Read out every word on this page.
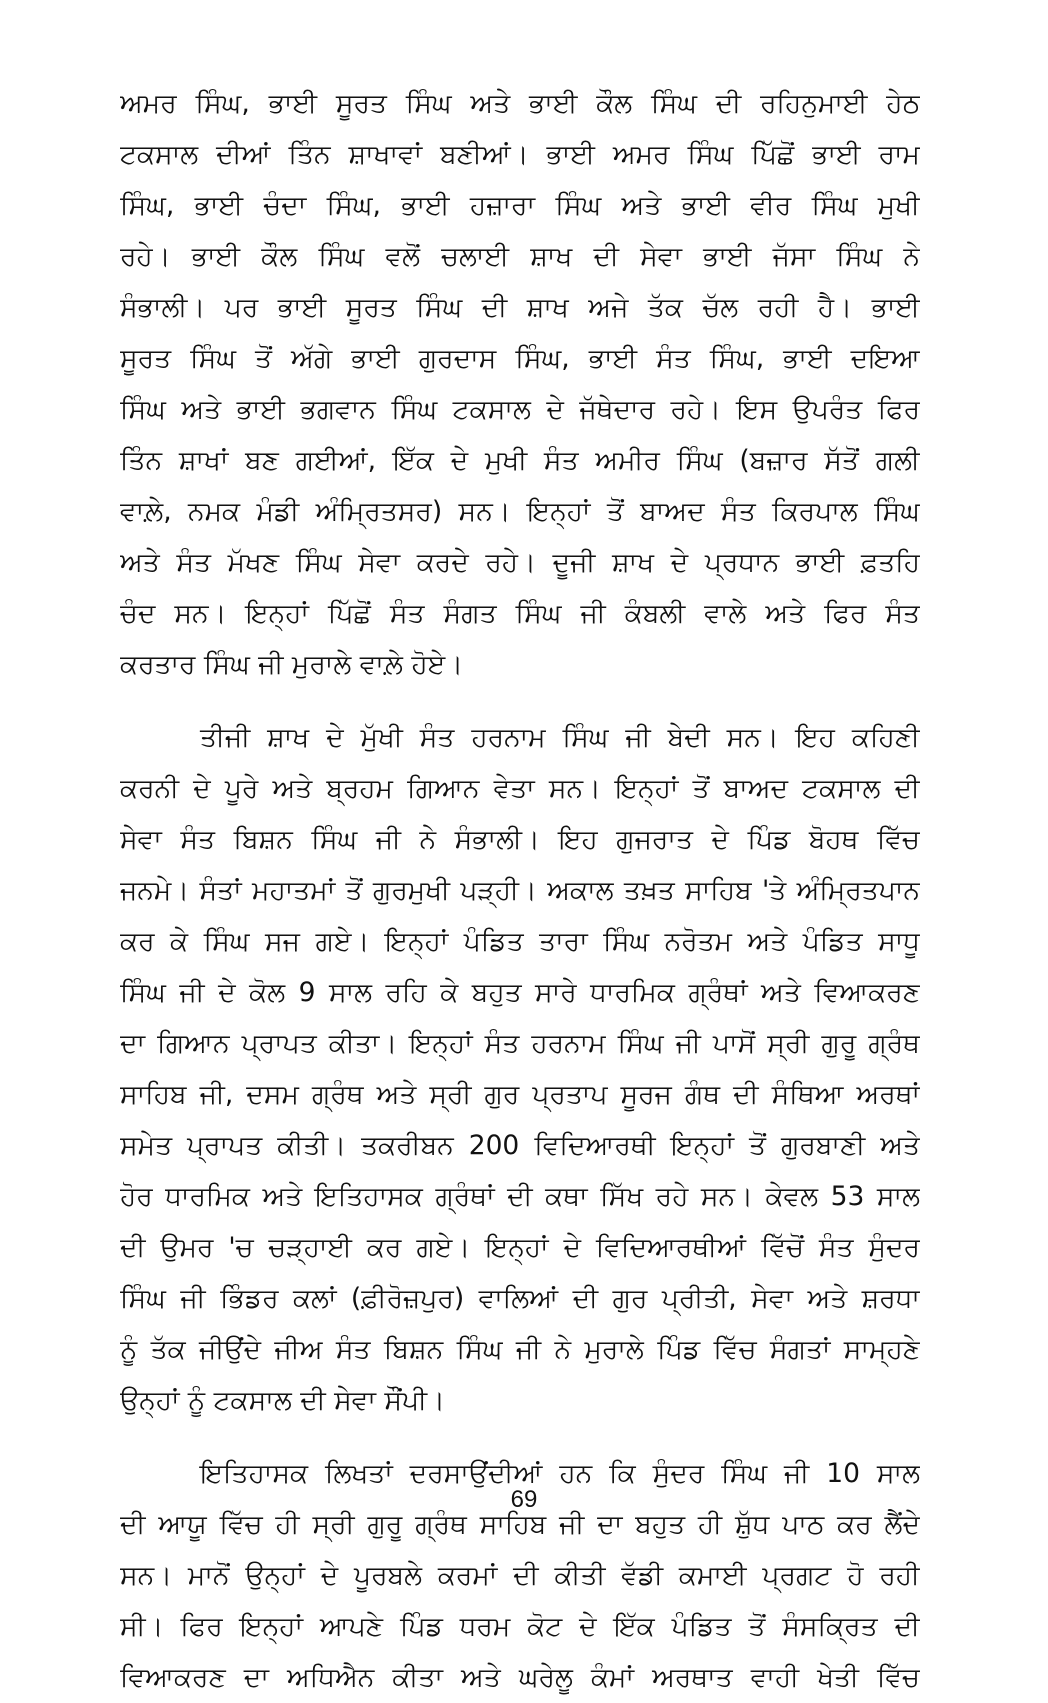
ਅਮਰ ਸਿੰਘ, ਭਾਈ ਸੂਰਤ ਸਿੰਘ ਅਤੇ ਭਾਈ ਕੌਲ ਸਿੰਘ ਦੀ ਰਹਿਨੁਮਾਈ ਹੇਠ
ਟਕਸਾਲ ਦੀਆਂ ਤਿੰਨ ਸ਼ਾਖਾਵਾਂ ਬਣੀਆਂ। ਭਾਈ ਅਮਰ ਸਿੰਘ ਪਿੱਛੋਂ ਭਾਈ ਰਾਮ
ਸਿੰਘ, ਭਾਈ ਚੰਦਾ ਸਿੰਘ, ਭਾਈ ਹਜ਼ਾਰਾ ਸਿੰਘ ਅਤੇ ਭਾਈ ਵੀਰ ਸਿੰਘ ਮੁਖੀ
ਰਹੇ। ਭਾਈ ਕੌਲ ਸਿੰਘ ਵਲੋਂ ਚਲਾਈ ਸ਼ਾਖ ਦੀ ਸੇਵਾ ਭਾਈ ਜੱਸਾ ਸਿੰਘ ਨੇ
ਸੰਭਾਲੀ। ਪਰ ਭਾਈ ਸੂਰਤ ਸਿੰਘ ਦੀ ਸ਼ਾਖ ਅਜੇ ਤੱਕ ਚੱਲ ਰਹੀ ਹੈ। ਭਾਈ
ਸੂਰਤ ਸਿੰਘ ਤੋਂ ਅੱਗੇ ਭਾਈ ਗੁਰਦਾਸ ਸਿੰਘ, ਭਾਈ ਸੰਤ ਸਿੰਘ, ਭਾਈ ਦਇਆ
ਸਿੰਘ ਅਤੇ ਭਾਈ ਭਗਵਾਨ ਸਿੰਘ ਟਕਸਾਲ ਦੇ ਜੱਥੇਦਾਰ ਰਹੇ। ਇਸ ਉਪਰੰਤ ਫਿਰ
ਤਿੰਨ ਸ਼ਾਖਾਂ ਬਣ ਗਈਆਂ, ਇੱਕ ਦੇ ਮੁਖੀ ਸੰਤ ਅਮੀਰ ਸਿੰਘ (ਬਜ਼ਾਰ ਸੱਤੋਂ ਗਲੀ
ਵਾਲ਼ੇ, ਨਮਕ ਮੰਡੀ ਅੰਮ੍ਰਿਤਸਰ) ਸਨ। ਇਨ੍ਹਾਂ ਤੋਂ ਬਾਅਦ ਸੰਤ ਕਿਰਪਾਲ ਸਿੰਘ
ਅਤੇ ਸੰਤ ਮੱਖਣ ਸਿੰਘ ਸੇਵਾ ਕਰਦੇ ਰਹੇ। ਦੂਜੀ ਸ਼ਾਖ ਦੇ ਪ੍ਰਧਾਨ ਭਾਈ ਫ਼ਤਹਿ
ਚੰਦ ਸਨ। ਇਨ੍ਹਾਂ ਪਿੱਛੋਂ ਸੰਤ ਸੰਗਤ ਸਿੰਘ ਜੀ ਕੰਬਲੀ ਵਾਲੇ ਅਤੇ ਫਿਰ ਸੰਤ
ਕਰਤਾਰ ਸਿੰਘ ਜੀ ਮੁਰਾਲੇ ਵਾਲ਼ੇ ਹੋਏ।
ਤੀਜੀ ਸ਼ਾਖ ਦੇ ਮੁੱਖੀ ਸੰਤ ਹਰਨਾਮ ਸਿੰਘ ਜੀ ਬੇਦੀ ਸਨ। ਇਹ ਕਹਿਣੀ
ਕਰਨੀ ਦੇ ਪੂਰੇ ਅਤੇ ਬ੍ਰਹਮ ਗਿਆਨ ਵੇਤਾ ਸਨ। ਇਨ੍ਹਾਂ ਤੋਂ ਬਾਅਦ ਟਕਸਾਲ ਦੀ
ਸੇਵਾ ਸੰਤ ਬਿਸ਼ਨ ਸਿੰਘ ਜੀ ਨੇ ਸੰਭਾਲੀ। ਇਹ ਗੁਜਰਾਤ ਦੇ ਪਿੰਡ ਬੋਹਥ ਵਿੱਚ
ਜਨਮੇ। ਸੰਤਾਂ ਮਹਾਤਮਾਂ ਤੋਂ ਗੁਰਮੁਖੀ ਪੜ੍ਹੀ। ਅਕਾਲ ਤਖ਼ਤ ਸਾਹਿਬ 'ਤੇ ਅੰਮ੍ਰਿਤਪਾਨ
ਕਰ ਕੇ ਸਿੰਘ ਸਜ ਗਏ। ਇਨ੍ਹਾਂ ਪੰਡਿਤ ਤਾਰਾ ਸਿੰਘ ਨਰੋਤਮ ਅਤੇ ਪੰਡਿਤ ਸਾਧੂ
ਸਿੰਘ ਜੀ ਦੇ ਕੋਲ 9 ਸਾਲ ਰਹਿ ਕੇ ਬਹੁਤ ਸਾਰੇ ਧਾਰਮਿਕ ਗ੍ਰੰਥਾਂ ਅਤੇ ਵਿਆਕਰਣ
ਦਾ ਗਿਆਨ ਪ੍ਰਾਪਤ ਕੀਤਾ। ਇਨ੍ਹਾਂ ਸੰਤ ਹਰਨਾਮ ਸਿੰਘ ਜੀ ਪਾਸੋਂ ਸ੍ਰੀ ਗੁਰੂ ਗ੍ਰੰਥ
ਸਾਹਿਬ ਜੀ, ਦਸਮ ਗ੍ਰੰਥ ਅਤੇ ਸ੍ਰੀ ਗੁਰ ਪ੍ਰਤਾਪ ਸੂਰਜ ਗੰਥ ਦੀ ਸੰਥਿਆ ਅਰਥਾਂ
ਸਮੇਤ ਪ੍ਰਾਪਤ ਕੀਤੀ। ਤਕਰੀਬਨ 200 ਵਿਦਿਆਰਥੀ ਇਨ੍ਹਾਂ ਤੋਂ ਗੁਰਬਾਣੀ ਅਤੇ
ਹੋਰ ਧਾਰਮਿਕ ਅਤੇ ਇਤਿਹਾਸਕ ਗ੍ਰੰਥਾਂ ਦੀ ਕਥਾ ਸਿੱਖ ਰਹੇ ਸਨ। ਕੇਵਲ 53 ਸਾਲ
ਦੀ ਉਮਰ 'ਚ ਚੜ੍ਹਾਈ ਕਰ ਗਏ। ਇਨ੍ਹਾਂ ਦੇ ਵਿਦਿਆਰਥੀਆਂ ਵਿੱਚੋਂ ਸੰਤ ਸੁੰਦਰ
ਸਿੰਘ ਜੀ ਭਿੰਡਰ ਕਲਾਂ (ਫ਼ੀਰੋਜ਼ਪੁਰ) ਵਾਲਿਆਂ ਦੀ ਗੁਰ ਪ੍ਰੀਤੀ, ਸੇਵਾ ਅਤੇ ਸ਼ਰਧਾ
ਨੂੰ ਤੱਕ ਜੀਉਂਦੇ ਜੀਅ ਸੰਤ ਬਿਸ਼ਨ ਸਿੰਘ ਜੀ ਨੇ ਮੁਰਾਲੇ ਪਿੰਡ ਵਿੱਚ ਸੰਗਤਾਂ ਸਾਮ੍ਹਣੇ
ਉਨ੍ਹਾਂ ਨੂੰ ਟਕਸਾਲ ਦੀ ਸੇਵਾ ਸੌਂਪੀ।
ਇਤਿਹਾਸਕ ਲਿਖਤਾਂ ਦਰਸਾਉਂਦੀਆਂ ਹਨ ਕਿ ਸੁੰਦਰ ਸਿੰਘ ਜੀ 10 ਸਾਲ
ਦੀ ਆਯੂ ਵਿੱਚ ਹੀ ਸ੍ਰੀ ਗੁਰੂ ਗ੍ਰੰਥ ਸਾਹਿਬ ਜੀ ਦਾ ਬਹੁਤ ਹੀ ਸ਼ੁੱਧ ਪਾਠ ਕਰ ਲੈਂਦੇ
ਸਨ। ਮਾਨੋਂ ਉਨ੍ਹਾਂ ਦੇ ਪੂਰਬਲੇ ਕਰਮਾਂ ਦੀ ਕੀਤੀ ਵੱਡੀ ਕਮਾਈ ਪ੍ਰਗਟ ਹੋ ਰਹੀ
ਸੀ। ਫਿਰ ਇਨ੍ਹਾਂ ਆਪਣੇ ਪਿੰਡ ਧਰਮ ਕੋਟ ਦੇ ਇੱਕ ਪੰਡਿਤ ਤੋਂ ਸੰਸਕ੍ਰਿਤ ਦੀ
ਵਿਆਕਰਣ ਦਾ ਅਧਿਐਨ ਕੀਤਾ ਅਤੇ ਘਰੇਲੂ ਕੰਮਾਂ ਅਰਥਾਤ ਵਾਹੀ ਖੇਤੀ ਵਿੱਚ
69
